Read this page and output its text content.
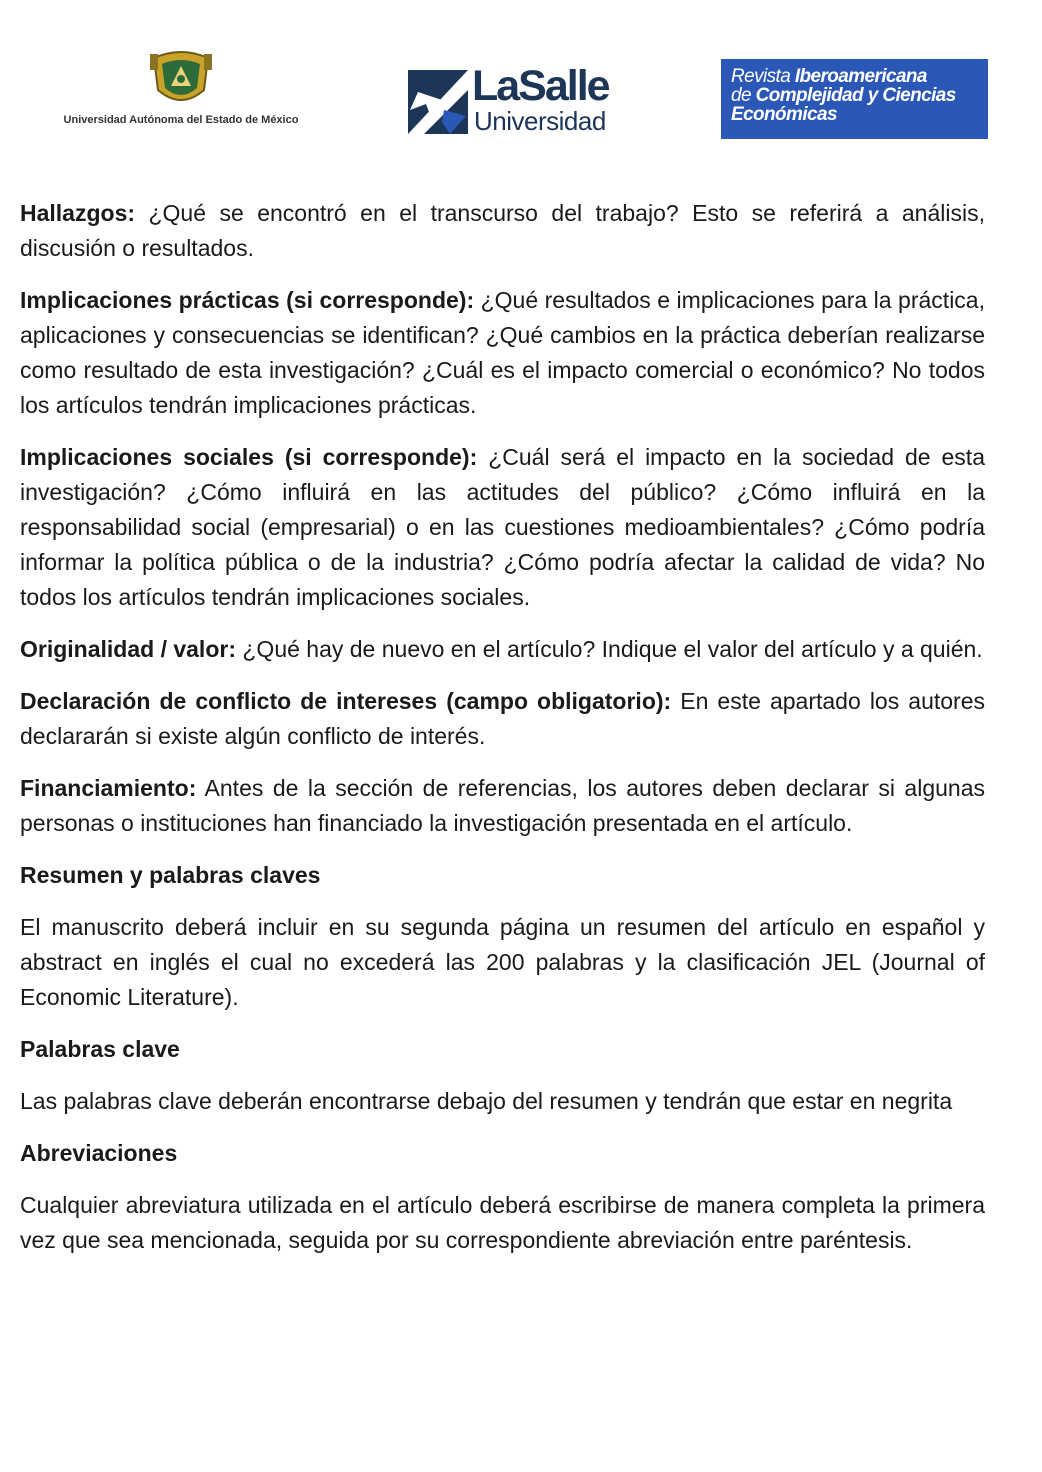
Universidad Autónoma del Estado de México
LaSalle
Universidad
Revista Iberoamericana
de Complejidad y Ciencias
Económicas

Hallazgos: ¿Qué se encontró en el transcurso del trabajo? Esto se referirá a análisis, discusión o resultados.

Implicaciones prácticas (si corresponde): ¿Qué resultados e implicaciones para la práctica, aplicaciones y consecuencias se identifican? ¿Qué cambios en la práctica deberían realizarse como resultado de esta investigación? ¿Cuál es el impacto comercial o económico? No todos los artículos tendrán implicaciones prácticas.

Implicaciones sociales (si corresponde): ¿Cuál será el impacto en la sociedad de esta investigación? ¿Cómo influirá en las actitudes del público? ¿Cómo influirá en la responsabilidad social (empresarial) o en las cuestiones medioambientales? ¿Cómo podría informar la política pública o de la industria? ¿Cómo podría afectar la calidad de vida? No todos los artículos tendrán implicaciones sociales.

Originalidad / valor: ¿Qué hay de nuevo en el artículo? Indique el valor del artículo y a quién.

Declaración de conflicto de intereses (campo obligatorio): En este apartado los autores declararán si existe algún conflicto de interés.

Financiamiento: Antes de la sección de referencias, los autores deben declarar si algunas personas o instituciones han financiado la investigación presentada en el artículo.

Resumen y palabras claves

El manuscrito deberá incluir en su segunda página un resumen del artículo en español y abstract en inglés el cual no excederá las 200 palabras y la clasificación JEL (Journal of Economic Literature).

Palabras clave

Las palabras clave deberán encontrarse debajo del resumen y tendrán que estar en negrita

Abreviaciones

Cualquier abreviatura utilizada en el artículo deberá escribirse de manera completa la primera vez que sea mencionada, seguida por su correspondiente abreviación entre paréntesis.
